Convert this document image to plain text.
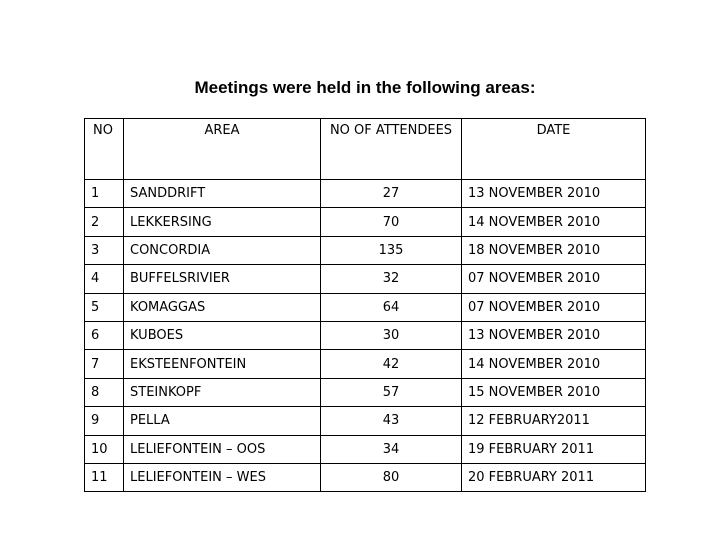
Meetings were held in the following areas:
NO	AREA	NO OF ATTENDEES	DATE
1	SANDDRIFT	27	13 NOVEMBER 2010
2	LEKKERSING	70	14 NOVEMBER 2010
3	CONCORDIA	135	18 NOVEMBER 2010
4	BUFFELSRIVIER	32	07 NOVEMBER 2010
5	KOMAGGAS	64	07 NOVEMBER 2010
6	KUBOES	30	13 NOVEMBER 2010
7	EKSTEENFONTEIN	42	14 NOVEMBER 2010
8	STEINKOPF	57	15 NOVEMBER 2010
9	PELLA	43	12 FEBRUARY2011
10	LELIEFONTEIN – OOS	34	19 FEBRUARY 2011
11	LELIEFONTEIN – WES	80	20 FEBRUARY 2011
